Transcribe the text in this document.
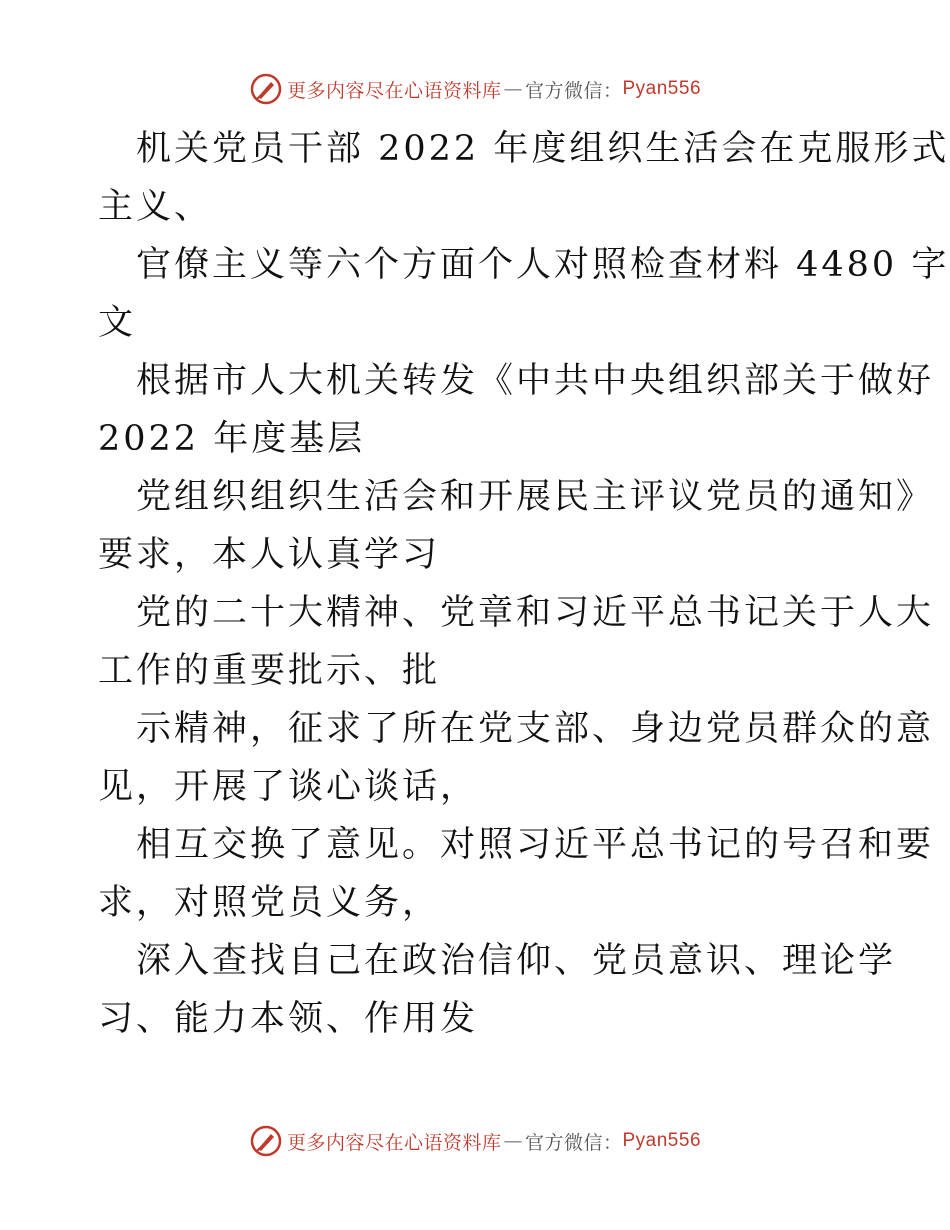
更多内容尽在心语资料库 — 官方微信： Pyan556
机关党员干部 2022 年度组织生活会在克服形式
主义、
官僚主义等六个方面个人对照检查材料 4480 字
文
根据市人大机关转发《中共中央组织部关于做好
2022 年度基层
党组织组织生活会和开展民主评议党员的通知》
要求，本人认真学习
党的二十大精神、党章和习近平总书记关于人大
工作的重要批示、批
示精神，征求了所在党支部、身边党员群众的意
见，开展了谈心谈话，
相互交换了意见。对照习近平总书记的号召和要
求，对照党员义务，
深入查找自己在政治信仰、党员意识、理论学
习、能力本领、作用发
更多内容尽在心语资料库 — 官方微信： Pyan556
